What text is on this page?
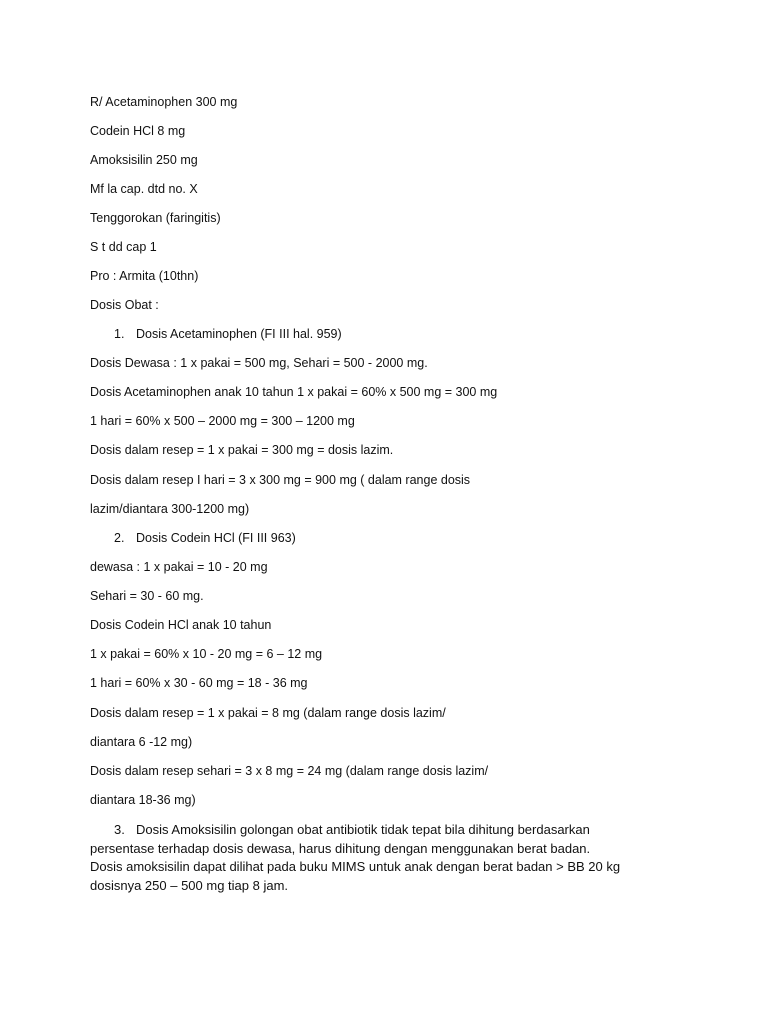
R/ Acetaminophen 300 mg
Codein HCl 8 mg
Amoksisilin 250 mg
Mf la cap. dtd no. X
Tenggorokan (faringitis)
S t dd cap 1
Pro : Armita (10thn)
Dosis Obat :
1. Dosis Acetaminophen (FI III hal. 959)
Dosis Dewasa : 1 x pakai = 500 mg, Sehari = 500 - 2000 mg.
Dosis Acetaminophen anak 10 tahun 1 x pakai = 60% x 500 mg = 300 mg
1 hari = 60% x 500 – 2000 mg = 300 – 1200 mg
Dosis dalam resep = 1 x pakai = 300 mg = dosis lazim.
Dosis dalam resep I hari = 3 x 300 mg = 900 mg ( dalam range dosis
lazim/diantara 300-1200 mg)
2. Dosis Codein HCl (FI III 963)
dewasa : 1 x pakai = 10 - 20 mg
Sehari = 30 - 60 mg.
Dosis Codein HCl anak 10 tahun
1 x pakai = 60% x 10 - 20 mg = 6 – 12 mg
1 hari = 60% x 30 - 60 mg = 18 - 36 mg
Dosis dalam resep = 1 x pakai = 8 mg (dalam range dosis lazim/
diantara 6 -12 mg)
Dosis dalam resep sehari = 3 x 8 mg = 24 mg (dalam range dosis lazim/
diantara 18-36 mg)

3. Dosis Amoksisilin golongan obat antibiotik tidak tepat bila dihitung berdasarkan persentase terhadap dosis dewasa, harus dihitung dengan menggunakan berat badan.

Dosis amoksisilin dapat dilihat pada buku MIMS untuk anak dengan berat badan > BB 20 kg dosisnya 250 – 500 mg tiap 8 jam.
